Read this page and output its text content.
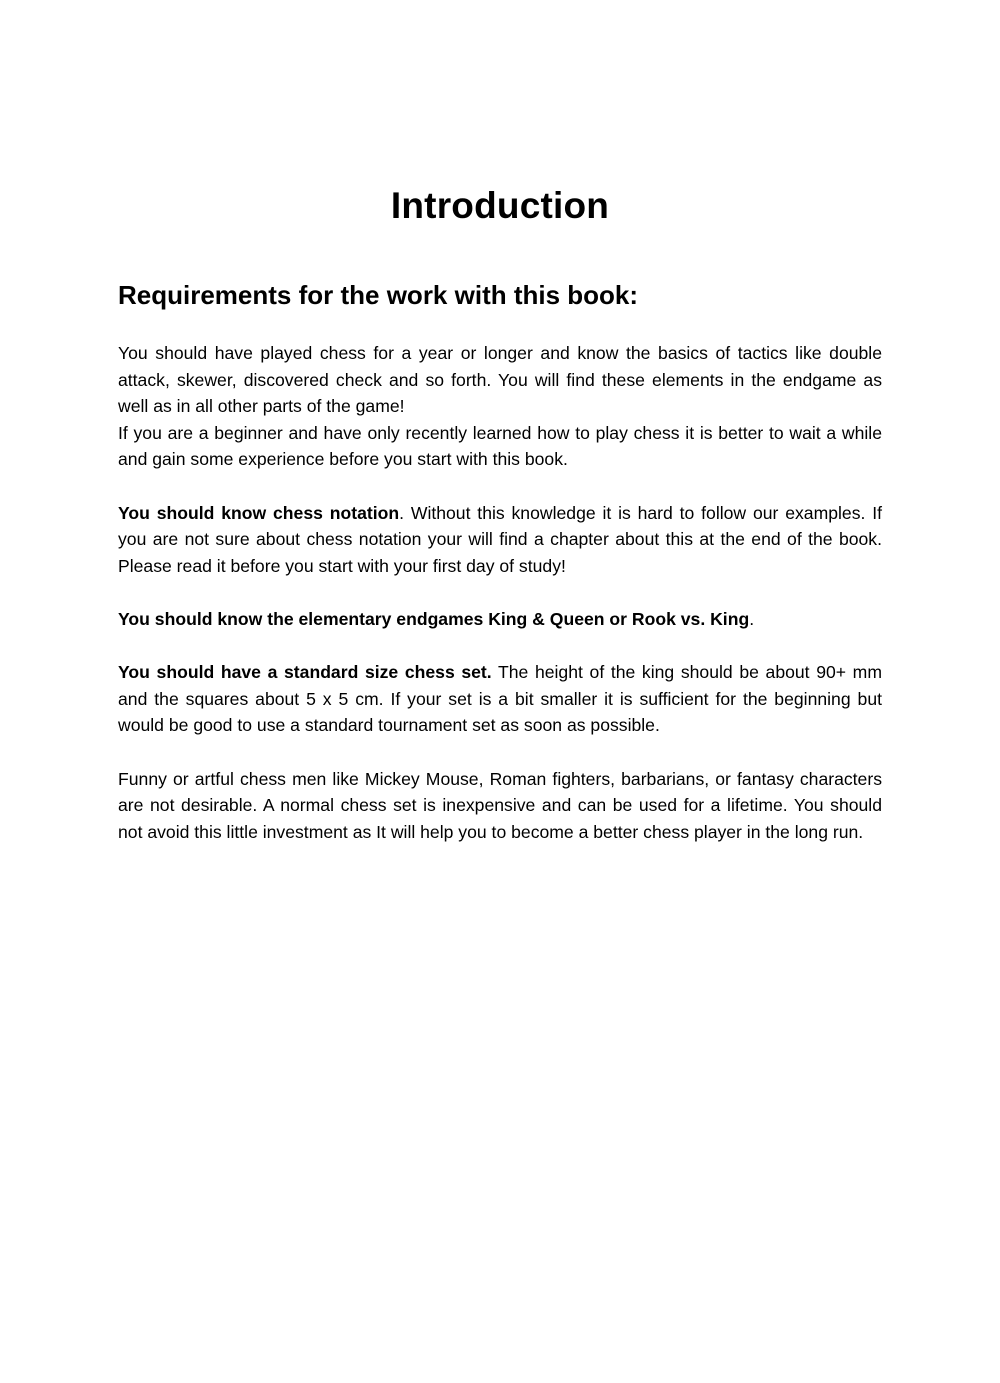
Introduction
Requirements for the work with this book:

You should have played chess for a year or longer and know the basics of tactics like double attack, skewer, discovered check and so forth. You will find these elements in the endgame as well as in all other parts of the game!

If you are a beginner and have only recently learned how to play chess it is better to wait a while and gain some experience before you start with this book.

You should know chess notation. Without this knowledge it is hard to follow our examples. If you are not sure about chess notation your will find a chapter about this at the end of the book. Please read it before you start with your first day of study!

You should know the elementary endgames King & Queen or Rook vs. King.

You should have a standard size chess set. The height of the king should be about 90+ mm and the squares about 5 x 5 cm. If your set is a bit smaller it is sufficient for the beginning but would be good to use a standard tournament set as soon as possible.

Funny or artful chess men like Mickey Mouse, Roman fighters, barbarians, or fantasy characters are not desirable. A normal chess set is inexpensive and can be used for a lifetime. You should not avoid this little investment as It will help you to become a better chess player in the long run.
